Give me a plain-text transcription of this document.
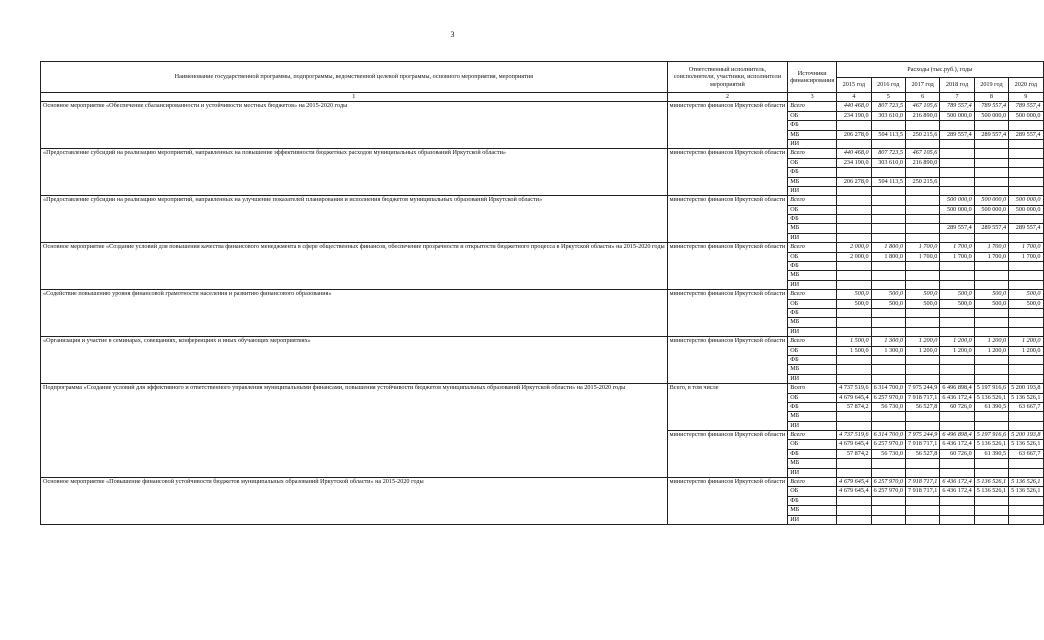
3
Наименование государственной программы, подпрограммы, ведомственной целевой программы, основного мероприятия, мероприятия	Ответственный исполнитель, соисполнители, участники, исполнители мероприятий	Источники финансирования	Расходы (тыс.руб.), годы					
			2015 год	2016 год	2017 год	2018 год	2019 год	2020 год
1	2	3	4	5	6	7	8	9
Основное мероприятие «Обеспечение сбалансированности и устойчивости местных бюджетов» на 2015-2020 годы	министерство финансов Иркутской области	Всего	440 468,0	807 723,5	467 105,6	789 557,4	789 557,4	789 557,4
		ОБ	234 190,0	303 610,0	216 890,0	500 000,0	500 000,0	500 000,0
		ФБ						
		МБ	206 278,0	504 113,5	250 215,6	289 557,4	289 557,4	289 557,4
		ИИ						
«Предоставление субсидий на реализацию мероприятий, направленных на повышение эффективности бюджетных расходов муниципальных образований Иркутской области»	министерство финансов Иркутской области	Всего	440 468,0	807 723,5	467 105,6			
		ОБ	234 190,0	303 610,0	216 890,0			
		ФБ						
		МБ	206 278,0	504 113,5	250 215,6			
		ИИ						
«Предоставление субсидии на реализацию мероприятий, направленных на улучшение показателей планирования и исполнения бюджетов муниципальных образований Иркутской области»	министерство финансов Иркутской области	Всего				500 000,0	500 000,0	500 000,0
		ОБ				500 000,0	500 000,0	500 000,0
		ФБ						
		МБ				289 557,4	289 557,4	289 557,4
		ИИ						
Основное мероприятие «Создание условий для повышения качества финансового менеджмента в сфере общественных финансов, обеспечение прозрачности и открытости бюджетного процесса в Иркутской области» на 2015-2020 годы	министерство финансов Иркутской области	Всего	2 000,0	1 800,0	1 700,0	1 700,0	1 700,0	1 700,0
		ОБ	2 000,0	1 800,0	1 700,0	1 700,0	1 700,0	1 700,0
		ФБ						
		МБ						
		ИИ						
«Содействие повышению уровня финансовой грамотности населения и развитию финансового образования»	министерство финансов Иркутской области	Всего	500,0	500,0	500,0	500,0	500,0	500,0
		ОБ	500,0	500,0	500,0	500,0	500,0	500,0
		ФБ						
		МБ						
		ИИ						
«Организация и участие в семинарах, совещаниях, конференциях и иных обучающих мероприятиях»	министерство финансов Иркутской области	Всего	1 500,0	1 300,0	1 200,0	1 200,0	1 200,0	1 200,0
		ОБ	1 500,0	1 300,0	1 200,0	1 200,0	1 200,0	1 200,0
		ФБ						
		МБ						
		ИИ						
Подпрограмма «Создание условий для эффективного и ответственного управления муниципальными финансами, повышения устойчивости бюджетов муниципальных образований Иркутской области» на 2015-2020 годы	Всего, в том числе	Всего	4 737 519,6	6 314 700,0	7 975 244,9	6 496 898,4	5 197 916,6	5 200 193,8
		ОБ	4 679 645,4	6 257 970,0	7 918 717,1	6 436 172,4	5 136 526,1	5 136 526,1
		ФБ	57 874,2	56 730,0	56 527,8	60 726,0	61 390,5	63 667,7
		МБ						
		ИИ						
	министерство финансов Иркутской области	Всего	4 737 519,6	6 314 700,0	7 975 244,9	6 496 898,4	5 197 916,6	5 200 193,8
		ОБ	4 679 645,4	6 257 970,0	7 918 717,1	6 436 172,4	5 136 526,1	5 136 526,1
		ФБ	57 874,2	56 730,0	56 527,8	60 726,0	61 390,5	63 667,7
		МБ						
		ИИ						
Основное мероприятие «Повышение финансовой устойчивости бюджетов муниципальных образований Иркутской области» на 2015-2020 годы	министерство финансов Иркутской области	Всего	4 679 645,4	6 257 970,0	7 918 717,1	6 436 172,4	5 136 526,1	5 136 526,1
		ОБ	4 679 645,4	6 257 970,0	7 918 717,1	6 436 172,4	5 136 526,1	5 136 526,1
		ФБ						
		МБ						
		ИИ						
